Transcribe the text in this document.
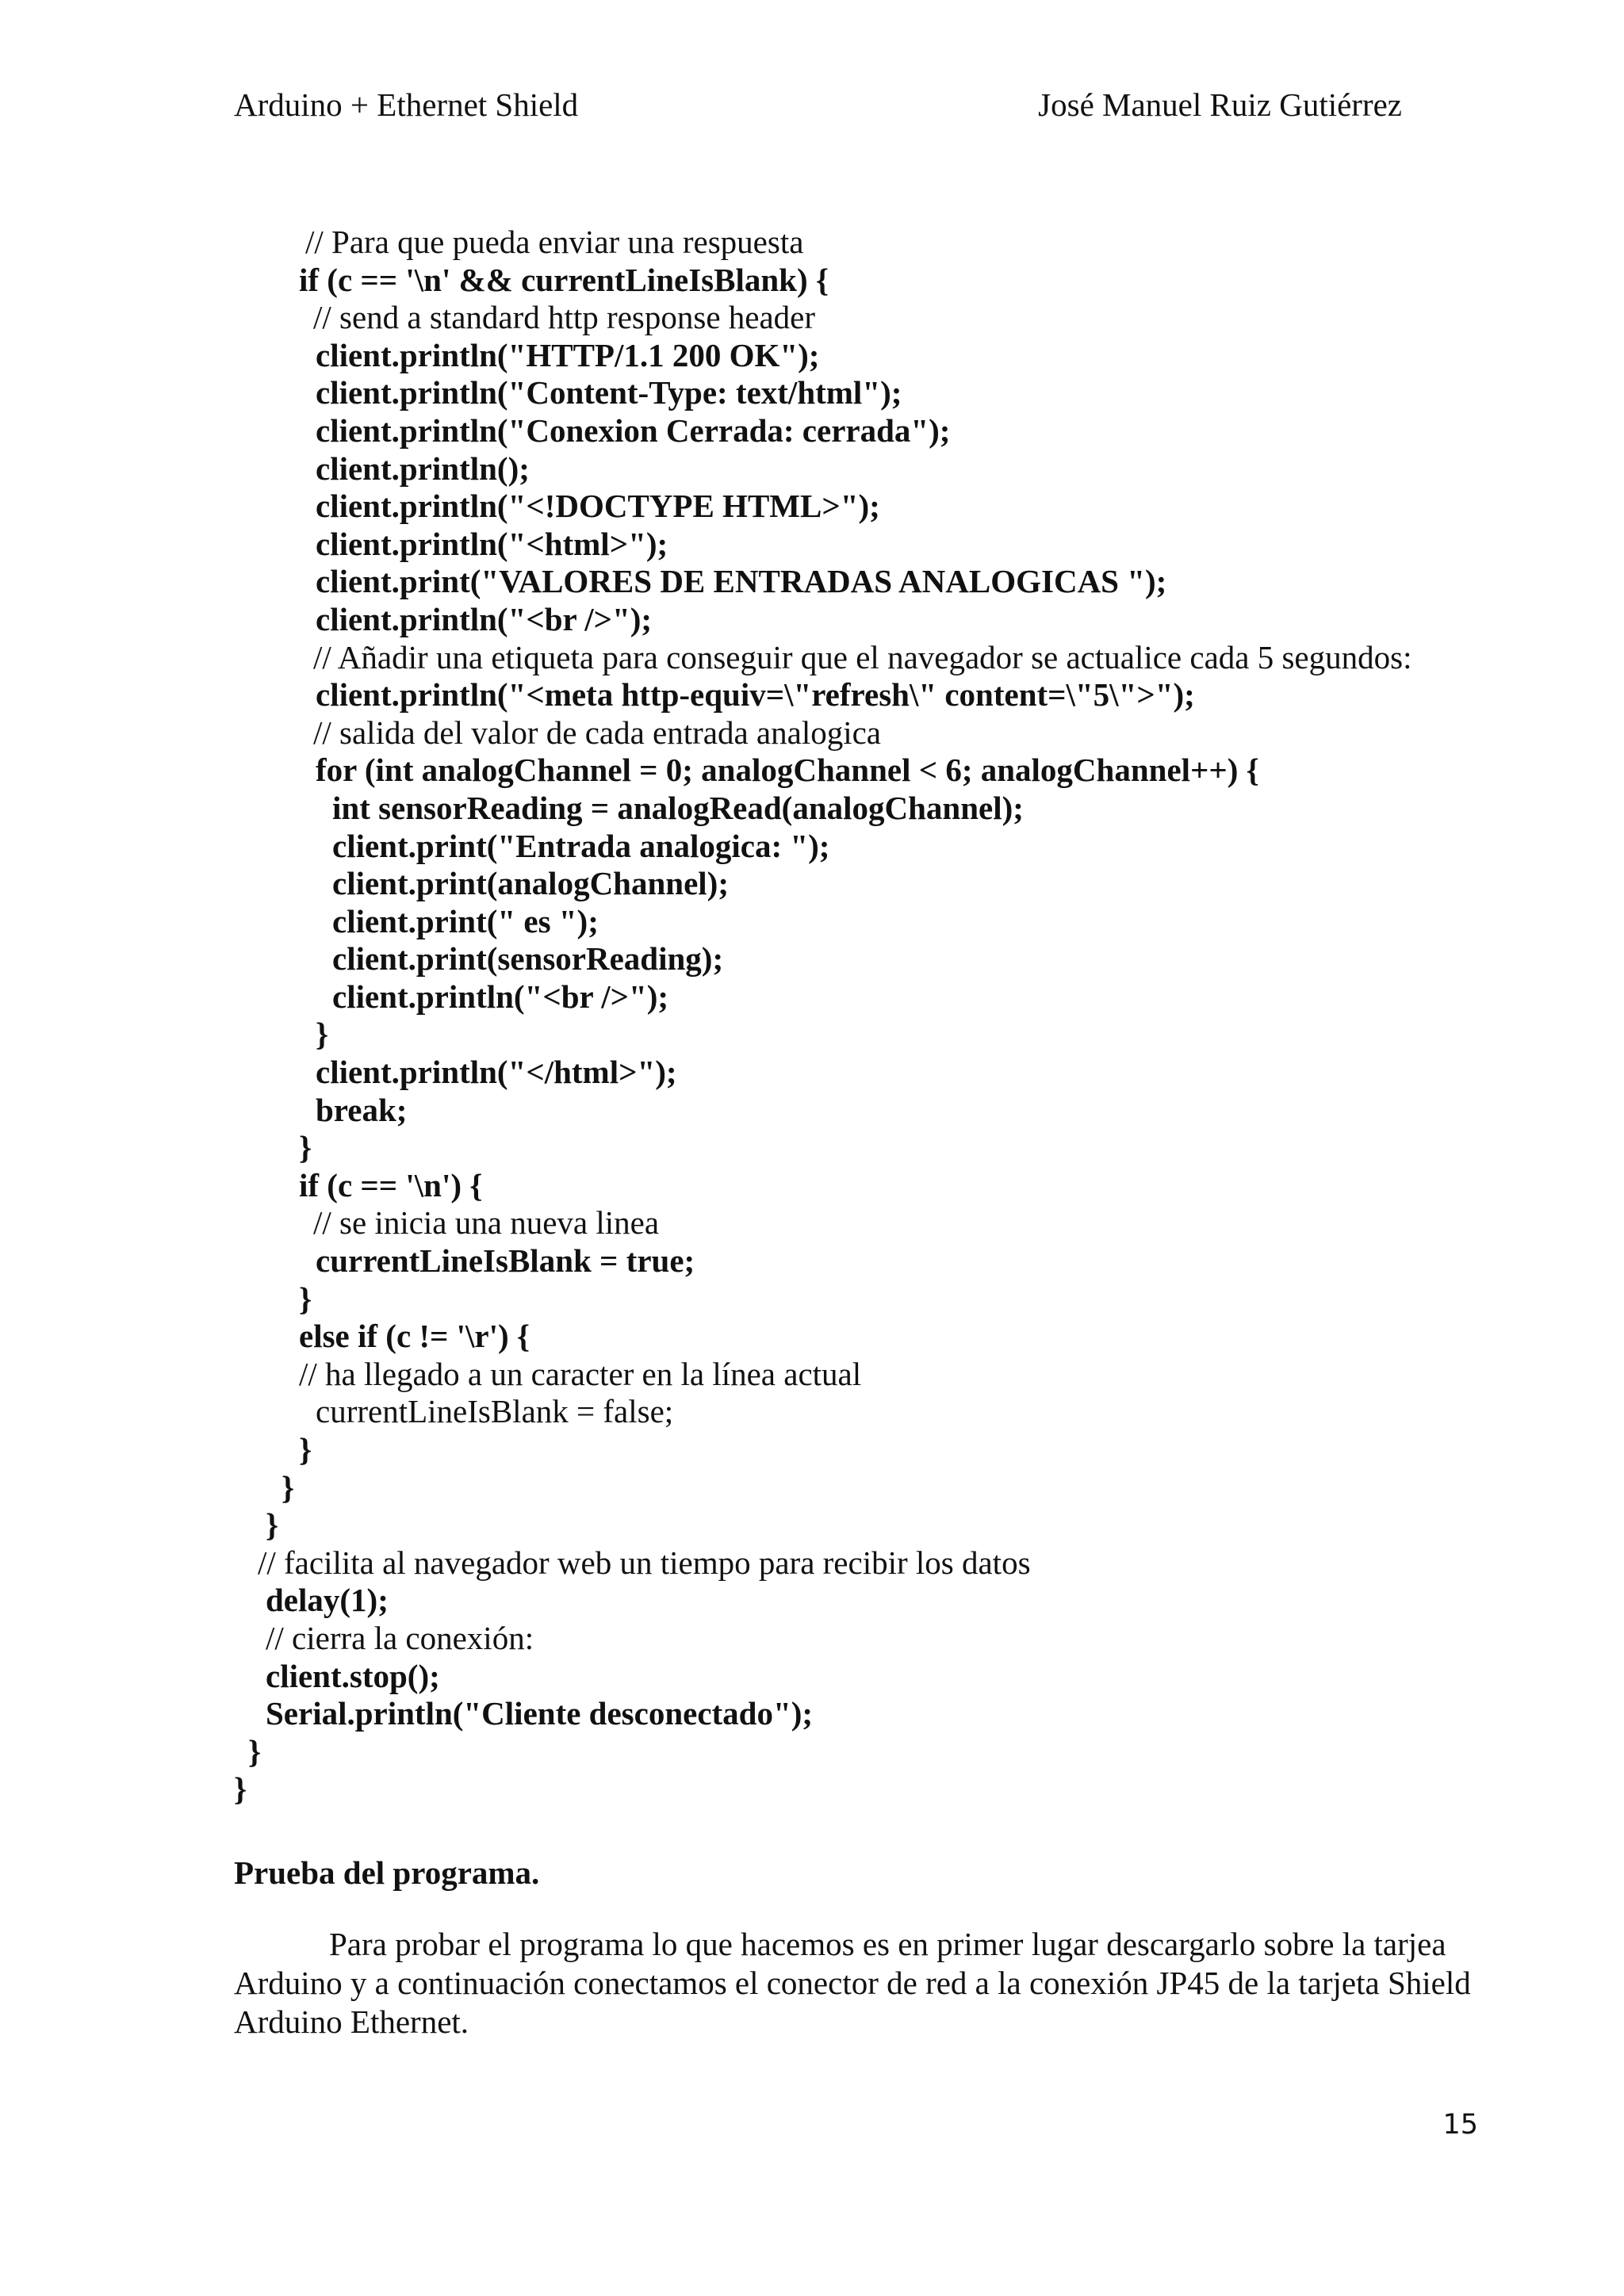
Arduino + Ethernet Shield	José Manuel Ruiz Gutiérrez
// Para que pueda enviar una respuesta
if (c == '\n' && currentLineIsBlank) {
// send a standard http response header
client.println("HTTP/1.1 200 OK");
client.println("Content-Type: text/html");
client.println("Conexion Cerrada: cerrada");
client.println();
client.println("<!DOCTYPE HTML>");
client.println("<html>");
client.print("VALORES DE ENTRADAS ANALOGICAS ");
client.println("<br />");
// Añadir una etiqueta para conseguir que el navegador se actualice cada 5 segundos:
client.println("<meta http-equiv=\"refresh\" content=\"5\">");
// salida del valor de cada entrada analogica
for (int analogChannel = 0; analogChannel < 6; analogChannel++) {
int sensorReading = analogRead(analogChannel);
client.print("Entrada analogica: ");
client.print(analogChannel);
client.print(" es ");
client.print(sensorReading);
client.println("<br />");
}
client.println("</html>");
break;
}
if (c == '\n') {
// se inicia una nueva linea
currentLineIsBlank = true;
}
else if (c != '\r') {
// ha llegado a un caracter en la línea actual
currentLineIsBlank = false;
}
}
}
// facilita al navegador web un tiempo para recibir los datos
delay(1);
// cierra la conexión:
client.stop();
Serial.println("Cliente desconectado");
}
}
Prueba del programa.
Para probar el programa lo que hacemos es en primer lugar descargarlo sobre la tarjea Arduino y a continuación conectamos el conector de red a la conexión JP45 de la tarjeta Shield Arduino Ethernet.
15
